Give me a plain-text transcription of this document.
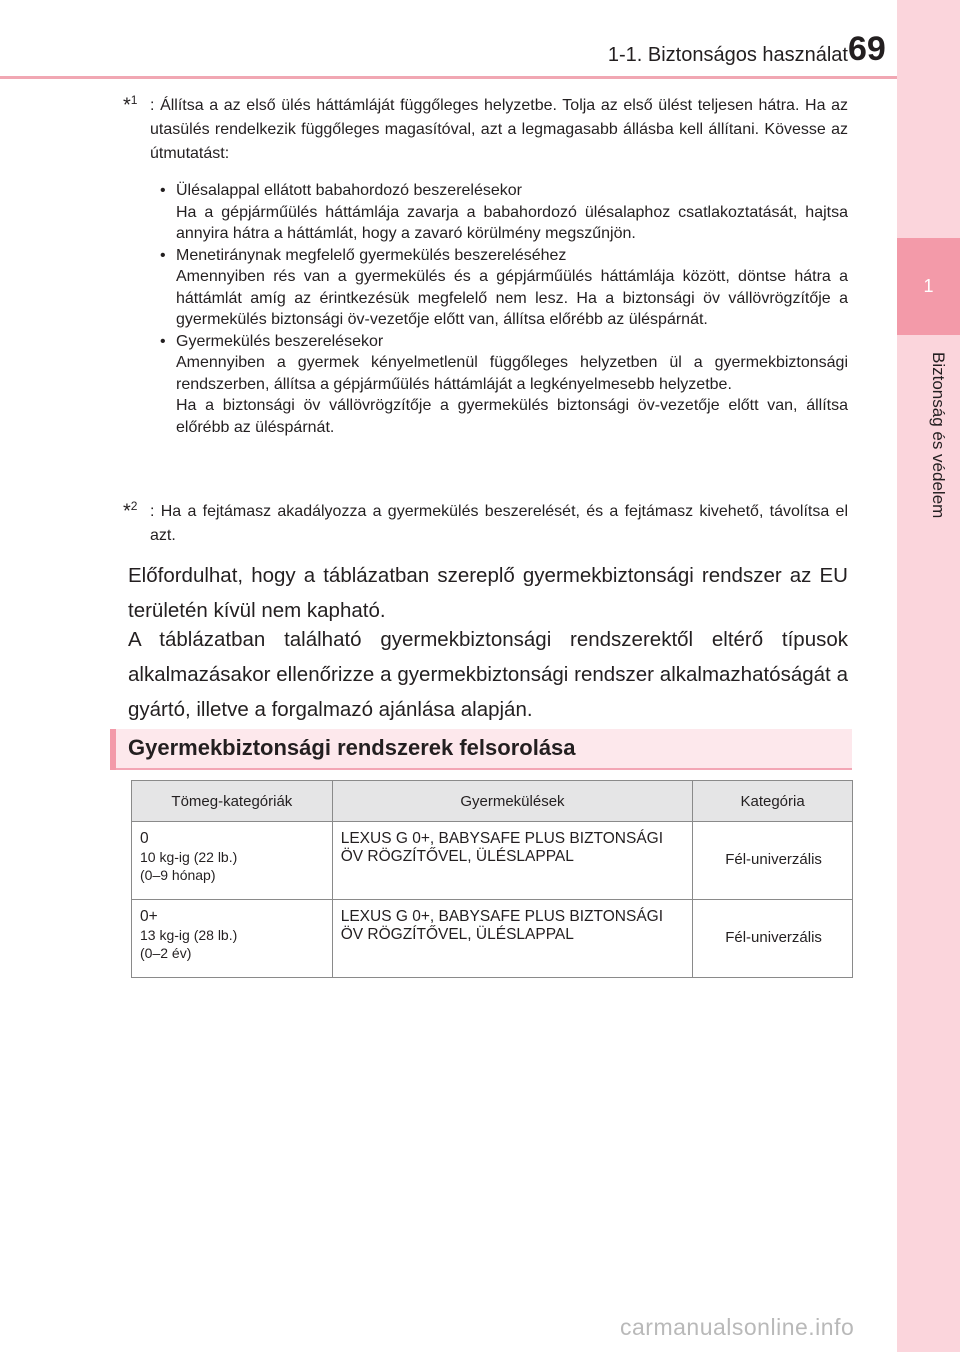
1
Biztonság és védelem
1-1. Biztonságos használat 69
*$^1$ : Állítsa a az első ülés háttámláját függőleges helyzetbe. Tolja az első ülést teljesen hátra. Ha az utasülés rendelkezik függőleges magasítóval, azt a legmagasabb állásba kell állítani. Kövesse az útmutatást:
• Ülésalappal ellátott babahordozó beszerelésekor
Ha a gépjárműülés háttámlája zavarja a babahordozó ülésalaphoz csatlakoztatását, hajtsa annyira hátra a háttámlát, hogy a zavaró körülmény megszűnjön.
• Menetiránynak megfelelő gyermekülés beszereléséhez
Amennyiben rés van a gyermekülés és a gépjárműülés háttámlája között, döntse hátra a háttámlát amíg az érintkezésük megfelelő nem lesz. Ha a biztonsági öv vállövrögzítője a gyermekülés biztonsági öv-vezetője előtt van, állítsa előrébb az üléspárnát.
• Gyermekülés beszerelésekor
Amennyiben a gyermek kényelmetlenül függőleges helyzetben ül a gyermekbiztonsági rendszerben, állítsa a gépjárműülés háttámláját a legkényelmesebb helyzetbe.
Ha a biztonsági öv vállövrögzítője a gyermekülés biztonsági öv-vezetője előtt van, állítsa előrébb az üléspárnát.
*$^2$ : Ha a fejtámasz akadályozza a gyermekülés beszerelését, és a fejtámasz kivehető, távolítsa el azt.
Előfordulhat, hogy a táblázatban szereplő gyermekbiztonsági rendszer az EU területén kívül nem kapható.
A táblázatban található gyermekbiztonsági rendszerektől eltérő típusok alkalmazásakor ellenőrizze a gyermekbiztonsági rendszer alkalmazhatóságát a gyártó, illetve a forgalmazó ajánlása alapján.
Gyermekbiztonsági rendszerek felsorolása
Tömeg-kategóriák	Gyermekülések	Kategória

0
10 kg-ig (22 lb.)
(0–9 hónap)	LEXUS G 0+, BABYSAFE PLUS BIZTONSÁGI ÖV RÖGZÍTŐVEL, ÜLÉSLAPPAL	Fél-univerzális

0+
13 kg-ig (28 lb.)
(0–2 év)	LEXUS G 0+, BABYSAFE PLUS BIZTONSÁGI ÖV RÖGZÍTŐVEL, ÜLÉSLAPPAL	Fél-univerzális
carmanualsonline.info
